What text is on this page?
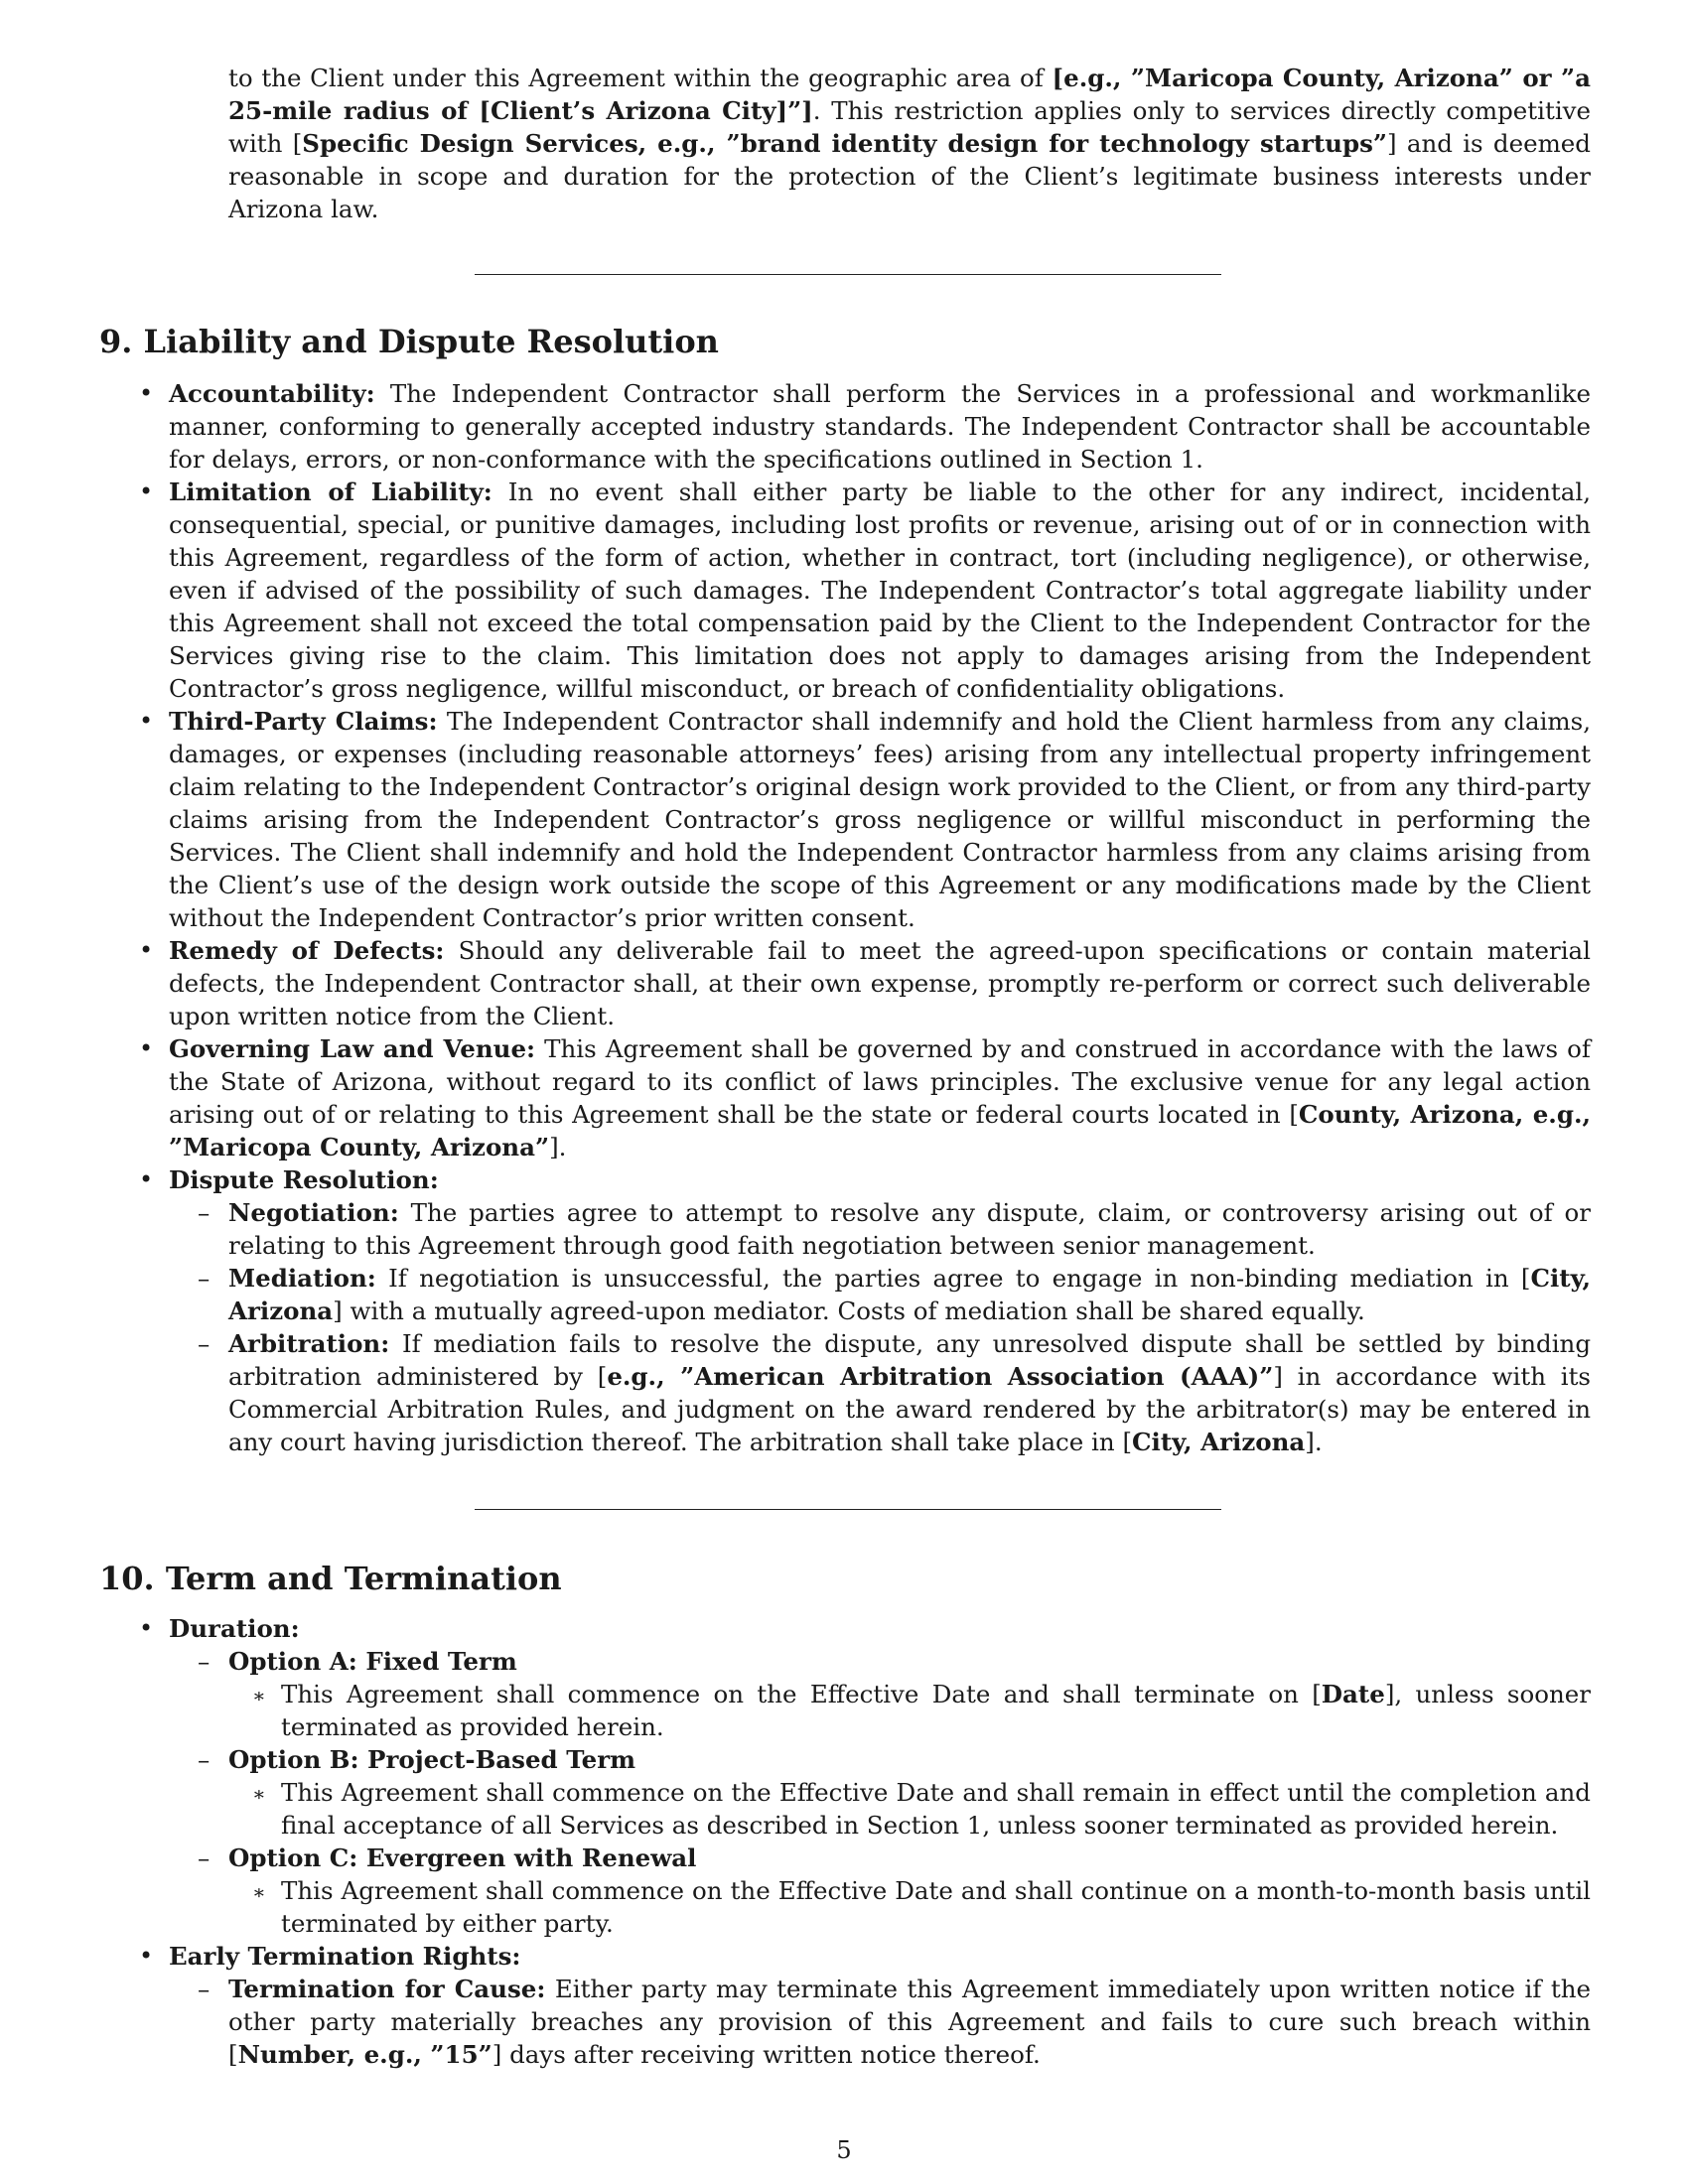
to the Client under this Agreement within the geographic area of [e.g., ”Maricopa County, Arizona” or ”a 25-mile radius of [Client’s Arizona City]”]. This restriction applies only to services directly competitive with [Specific Design Services, e.g., ”brand identity design for technology startups”] and is deemed reasonable in scope and duration for the protection of the Client’s legitimate business interests under Arizona law.

9. Liability and Dispute Resolution
• Accountability: The Independent Contractor shall perform the Services in a professional and workmanlike manner, conforming to generally accepted industry standards. The Independent Contractor shall be accountable for delays, errors, or non-conformance with the specifications outlined in Section 1.

• Limitation of Liability: In no event shall either party be liable to the other for any indirect, incidental, consequential, special, or punitive damages, including lost profits or revenue, arising out of or in connection with this Agreement, regardless of the form of action, whether in contract, tort (including negligence), or otherwise, even if advised of the possibility of such damages. The Independent Contractor’s total aggregate liability under this Agreement shall not exceed the total compensation paid by the Client to the Independent Contractor for the Services giving rise to the claim. This limitation does not apply to damages arising from the Independent Contractor’s gross negligence, willful misconduct, or breach of confidentiality obligations.

• Third-Party Claims: The Independent Contractor shall indemnify and hold the Client harmless from any claims, damages, or expenses (including reasonable attorneys’ fees) arising from any intellectual property infringement claim relating to the Independent Contractor’s original design work provided to the Client, or from any third-party claims arising from the Independent Contractor’s gross negligence or willful misconduct in performing the Services. The Client shall indemnify and hold the Independent Contractor harmless from any claims arising from the Client’s use of the design work outside the scope of this Agreement or any modifications made by the Client without the Independent Contractor’s prior written consent.

• Remedy of Defects: Should any deliverable fail to meet the agreed-upon specifications or contain material defects, the Independent Contractor shall, at their own expense, promptly re-perform or correct such deliverable upon written notice from the Client.

• Governing Law and Venue: This Agreement shall be governed by and construed in accordance with the laws of the State of Arizona, without regard to its conflict of laws principles. The exclusive venue for any legal action arising out of or relating to this Agreement shall be the state or federal courts located in [County, Arizona, e.g., ”Maricopa County, Arizona”].

• Dispute Resolution:

– Negotiation: The parties agree to attempt to resolve any dispute, claim, or controversy arising out of or relating to this Agreement through good faith negotiation between senior management.

– Mediation: If negotiation is unsuccessful, the parties agree to engage in non-binding mediation in [City, Arizona] with a mutually agreed-upon mediator. Costs of mediation shall be shared equally.

– Arbitration: If mediation fails to resolve the dispute, any unresolved dispute shall be settled by binding arbitration administered by [e.g., ”American Arbitration Association (AAA)”] in accordance with its Commercial Arbitration Rules, and judgment on the award rendered by the arbitrator(s) may be entered in any court having jurisdiction thereof. The arbitration shall take place in [City, Arizona].

10. Term and Termination
• Duration:

– Option A: Fixed Term

∗ This Agreement shall commence on the Effective Date and shall terminate on [Date], unless sooner terminated as provided herein.

– Option B: Project-Based Term

∗ This Agreement shall commence on the Effective Date and shall remain in effect until the completion and final acceptance of all Services as described in Section 1, unless sooner terminated as provided herein.

– Option C: Evergreen with Renewal

∗ This Agreement shall commence on the Effective Date and shall continue on a month-to-month basis until terminated by either party.

• Early Termination Rights:

– Termination for Cause: Either party may terminate this Agreement immediately upon written notice if the other party materially breaches any provision of this Agreement and fails to cure such breach within [Number, e.g., ”15”] days after receiving written notice thereof.

5
